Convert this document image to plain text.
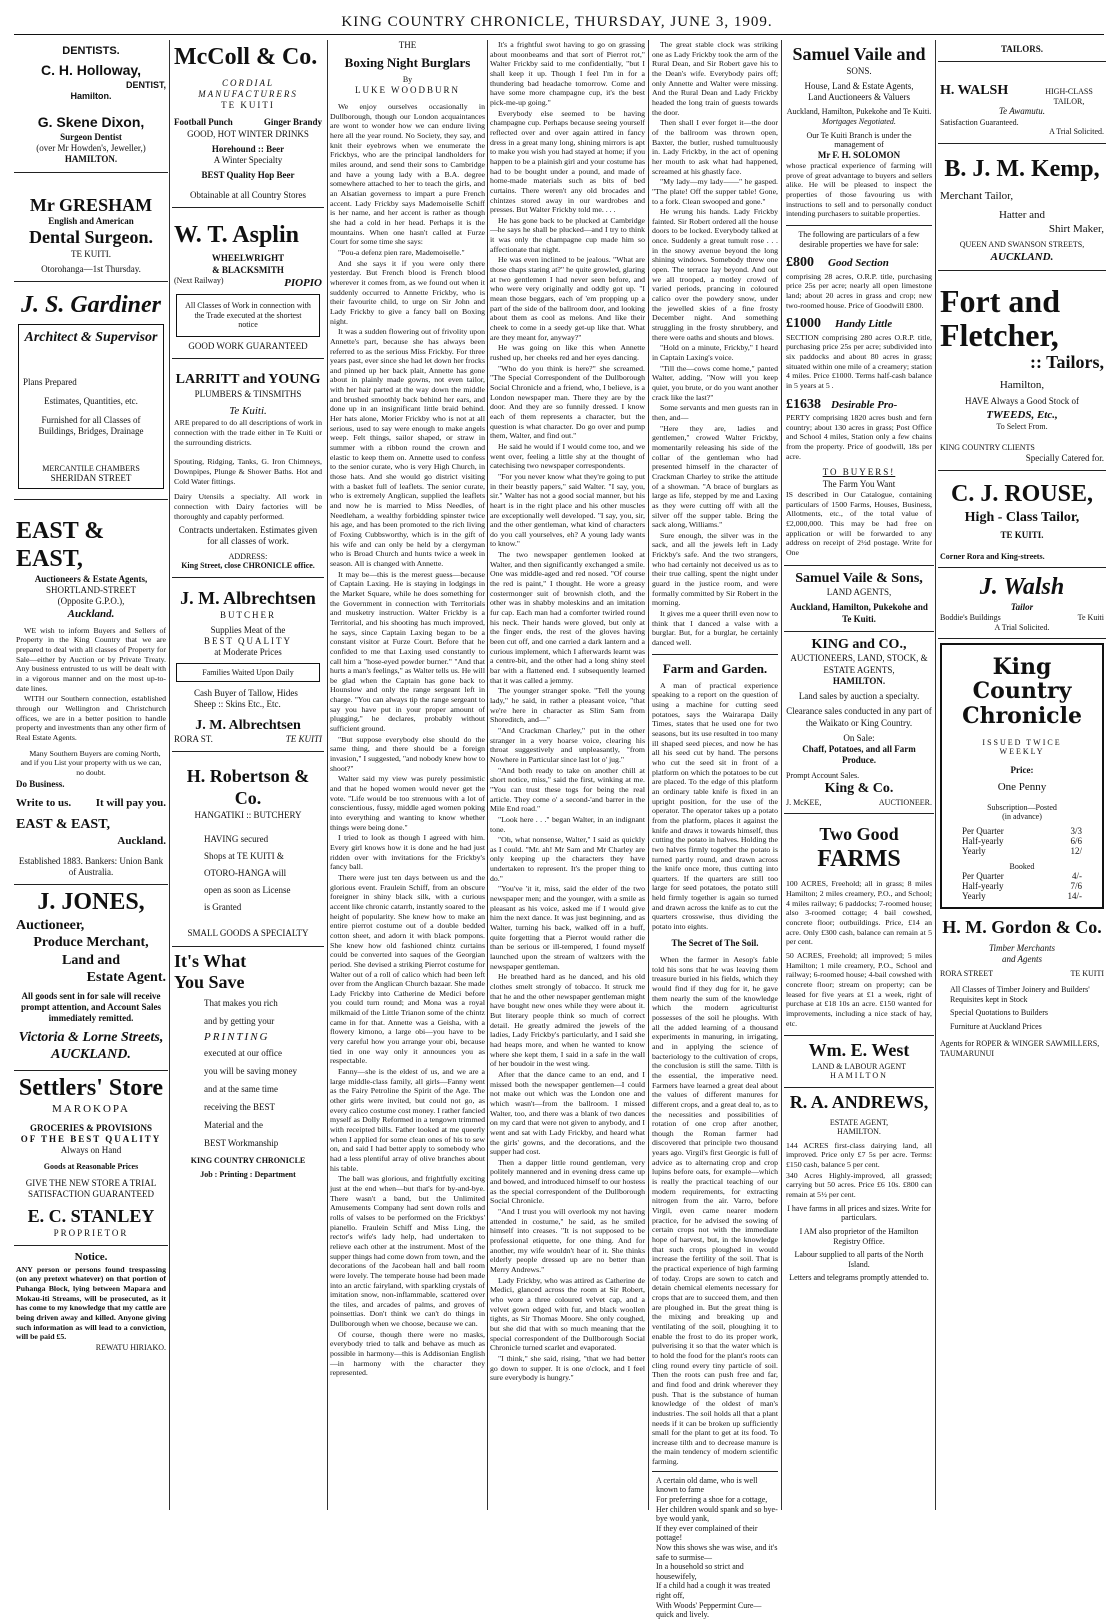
KING COUNTRY CHRONICLE, THURSDAY, JUNE 3, 1909.
DENTISTS.
C. H. Holloway,
DENTIST,
Hamilton.
G. Skene Dixon,
Surgeon Dentist
(over Mr Howden's, Jeweller,)
HAMILTON.
Mr GRESHAM
English and American
Dental Surgeon.
TE KUITI.
Otorohanga—1st Thursday.
J. S. Gardiner
Architect & Supervisor
Plans Prepared
Estimates, Quantities, etc.
Furnished for all Classes of Buildings, Bridges, Drainage
MERCANTILE CHAMBERS
SHERIDAN STREET
EAST & EAST,
Auctioneers & Estate Agents,
SHORTLAND-STREET
(Opposite G.P.O.),
Auckland.

WE wish to inform Buyers and Sellers of Property in the King Country that we are prepared to deal with all classes of Property for Sale—either by Auction or by Private Treaty. Any business entrusted to us will be dealt with in a vigorous manner and on the most up-to-date lines.

WITH our Southern connection, established through our Wellington and Christchurch offices, we are in a better position to handle property and investments than any other firm of Real Estate Agents.

Many Southern Buyers are coming North, and if you List your property with us we can, no doubt.

Do Business.
Write to us. It will pay you.
EAST & EAST,
Auckland.
Established 1883. Bankers: Union Bank of Australia.
J. JONES,
Auctioneer,
Produce Merchant,
Land and
Estate Agent.
All goods sent in for sale will receive prompt attention, and Account Sales immediately remitted.
Victoria & Lorne Streets,
AUCKLAND.
Settlers' Store
MAROKOPA
GROCERIES & PROVISIONS
OF THE BEST QUALITY
Always on Hand
Goods at Reasonable Prices
GIVE THE NEW STORE A TRIAL
SATISFACTION GUARANTEED
E. C. STANLEY
PROPRIETOR
Notice.

ANY person or persons found trespassing (on any pretext whatever) on that portion of Puhanga Block, lying between Mapara and Mokau-iti Streams, will be prosecuted, as it has come to my knowledge that my cattle are being driven away and killed. Anyone giving such information as will lead to a conviction, will be paid £5.

REWATU HIRIAKO.
McColl & Co.
CORDIAL
MANUFACTURERS
TE KUITI
Football Punch	Ginger Brandy
GOOD, HOT WINTER DRINKS
Horehound :: Beer
A Winter Specialty
BEST Quality Hop Beer
Obtainable at all Country Stores
W. T. Asplin
WHEELWRIGHT
& BLACKSMITH
(Next Railway)	PIOPIO
All Classes of Work in connection with the Trade executed at the shortest notice
GOOD WORK GUARANTEED
LARRITT and YOUNG
PLUMBERS & TINSMITHS
Te Kuiti.

ARE prepared to do all descriptions of work in connection with the trade either in Te Kuiti or the surrounding districts.

Spouting, Ridging, Tanks, G. Iron Chimneys, Downpipes, Plunge & Shower Baths. Hot and Cold Water fittings.

Dairy Utensils a specialty. All work in connection with Dairy factories will be thoroughly and capably performed.

Contracts undertaken. Estimates given for all classes of work.
ADDRESS:
King Street, close CHRONICLE office.
J. M. Albrechtsen
BUTCHER
Supplies Meat of the
BEST QUALITY
at Moderate Prices
Families Waited Upon Daily
Cash Buyer of Tallow, Hides Sheep :: Skins Etc., Etc.
J. M. Albrechtsen
RORA ST.	TE KUITI
H. Robertson & Co.
HANGATIKI :: BUTCHERY
HAVING secured Shops at TE KUITI & OTORO-HANGA will open as soon as License is Granted
SMALL GOODS A SPECIALTY
It's What
You Save
That makes you rich
and by getting your
PRINTING
executed at our office
you will be saving money
and at the same time
receiving the BEST
Material and the
BEST Workmanship
KING COUNTRY CHRONICLE
Job : Printing : Department
THE
Boxing Night Burglars
By
LUKE WOODBURN

We enjoy ourselves occasionally in Dullborough, though our London acquaintances are wont to wonder how we can endure living here all the year round. No Society, they say, and knit their eyebrows when we enumerate the Frickbys, who are the principal landholders for miles around, and send their sons to Cambridge and have a young lady with a B.A. degree somewhere attached to her to teach the girls, and an Alsatian governess to impart a pure French accent. Lady Frickby says Mademoiselle Schiff is her name, and her accent is rather as though she had a cold in her head. Perhaps it is the mountains. When one hasn't called at Furze Court for some time she says:

"Pou-a defenz pien rare, Mademoiselle."

And she says it if you were only there yesterday. But French blood is French blood wherever it comes from, as we found out when it suddenly occurred to Annette Frickby, who is their favourite child, to urge on Sir John and Lady Frickby to give a fancy ball on Boxing night.

It was a sudden flowering out of frivolity upon Annette's part, because she has always been referred to as the serious Miss Frickby. For three years past, ever since she had let down her frocks and pinned up her back plait, Annette has gone about in plainly made gowns, not even tailor, with her hair parted at the way down the middle and brushed smoothly back behind her ears, and done up in an insignificant little braid behind. Her hats alone, Morier Frickby who is not at all serious, used to say were enough to make angels weep. Felt things, sailor shaped, or straw in summer with a ribbon round the crown and elastic to keep them on. Annette used to confess to the senior curate, who is very High Church, in those hats. And she would go district visiting with a basket full of leaflets. The senior curate, who is extremely Anglican, supplied the leaflets and now he is married to Miss Needles, of Needleham, a wealthy forbidding spinster twice his age, and has been promoted to the rich living of Foxing Cubbsworthy, which is in the gift of his wife and can only be held by a clergyman who is Broad Church and hunts twice a week in season. All is changed with Annette.

It may be—this is the merest guess—because of Captain Laxing. He is staying in lodgings in the Market Square, while he does something for the Government in connection with Territorials and musketry instruction. Walter Frickby is a Territorial, and his shooting has much improved, he says, since Captain Laxing began to be a constant visitor at Furze Court. Before that he confided to me that Laxing used constantly to call him a "hose-eyed powder burner." "And that hurts a man's feelings," as Walter tells us. He will be glad when the Captain has gone back to Hounslow and only the range sergeant left in charge. "You can always tip the range sergeant to say you have put in your proper amount of plugging," he declares, probably without sufficient ground.

"But suppose everybody else should do the same thing, and there should be a foreign invasion," I suggested, "and nobody knew how to shoot?"

Walter said my view was purely pessimistic and that he hoped women would never get the vote. "Life would be too strenuous with a lot of conscientious, fussy, middle aged women poking into everything and wanting to know whether things were being done."

I tried to look as though I agreed with him. Every girl knows how it is done and he had just ridden over with invitations for the Frickby's fancy ball.

There were just ten days between us and the glorious event. Fraulein Schiff, from an obscure foreigner in shiny black silk, with a curious accent like chronic catarrh, instantly soared to the height of popularity. She knew how to make an entire pierrot costume out of a double bedded cotton sheet, and adorn it with black pompons. She knew how old fashioned chintz curtains could be converted into saques of the Georgian period. She devised a striking Pierrot costume for Walter out of a roll of calico which had been left over from the Anglican Church bazaar. She made Lady Frickby into Catherine de Medici before you could turn round; and Mona was a royal milkmaid of the Little Trianon some of the chintz came in for that. Annette was a Geisha, with a flowery kimono, a large obi—you have to be very careful how you arrange your obi, because tied in one way only it announces you as respectable.

Fanny—she is the eldest of us, and we are a large middle-class family, all girls—Fanny went as the Fairy Petroline the Spirit of the Age. The other girls were invited, but could not go, as every calico costume cost money. I rather fancied myself as Dolly Reformed in a tengown trimmed with receipted bills. Father looked at me queerly when I applied for some clean ones of his to sew on, and said I had better apply to somebody who had a less plentiful array of olive branches about his table.

The ball was glorious, and frightfully exciting just at the end when—but that's for by-and-bye. There wasn't a band, but the Unlimited Amusements Company had sent down rolls and rolls of valses to be performed on the Frickbys' pianello. Fraulein Schiff and Miss Ling, the rector's wife's lady help, had undertaken to relieve each other at the instrument. Most of the supper things had come down from town, and the decorations of the Jacobean hall and ball room were lovely. The temperate house had been made into an arctic fairyland, with sparkling crystals of imitation snow, non-inflammable, scattered over the tiles, and arcades of palms, and groves of poinsettias. Don't think we can't do things in Dullborough when we choose, because we can.

Of course, though there were no masks, everybody tried to talk and behave as much as possible in harmony—this is Addisonian English—in harmony with the character they represented.

It's a frightful swot having to go on grassing about moonbeams and that sort of Pierrot rot," Walter Frickby said to me confidentially, "but I shall keep it up. Though I feel I'm in for a thundering bad headache tomorrow. Come and have some more champagne cup, it's the best pick-me-up going."

Everybody else seemed to be having champagne cup. Perhaps because seeing yourself reflected over and over again attired in fancy dress in a great many long, shining mirrors is apt to make you wish you had stayed at home; if you happen to be a plainish girl and your costume has had to be bought under a pound, and made of home-made materials such as bits of bed curtains. There weren't any old brocades and chintzes stored away in our wardrobes and presses. But Walter Frickby told me. . . .

He has gone back to be plucked at Cambridge—he says he shall be plucked—and I try to think it was only the champagne cup made him so affectionate that night.

He was even inclined to be jealous. "What are those chaps staring at?" he quite growled, glaring at two gentlemen I had never seen before, and who were very originally and oddly got up. "I mean those beggars, each of 'em propping up a part of the side of the ballroom door, and looking about them as cool as melons. And like their cheek to come in a seedy get-up like that. What are they meant for, anyway?"

He was going on like this when Annette rushed up, her cheeks red and her eyes dancing.

"Who do you think is here?" she screamed. "The Special Correspondent of the Dullborough Social Chronicle and a friend, who, I believe, is a London newspaper man. There they are by the door. And they are so funnily dressed. I know each of them represents a character, but the question is what character. Do go over and pump them, Walter, and find out."

He said he would if I would come too, and we went over, feeling a little shy at the thought of catechising two newspaper correspondents.

"For you never know what they're going to put in their beastly papers," said Walter. "I say, you, sir." Walter has not a good social manner, but his heart is in the right place and his other muscles are exceptionally well developed. "I say, you, sir, and the other gentleman, what kind of characters do you call yourselves, eh? A young lady wants to know."

The two newspaper gentlemen looked at Walter, and then significantly exchanged a smile. One was middle-aged and red nosed. "Of course the red is paint," I thought. He wore a greasy costermonger suit of brownish cloth, and the other was in shabby moleskins and an imitation fur cap. Each man had a comforter twirled round his neck. Their hands were gloved, but only at the finger ends, the rest of the gloves having been cut off, and one carried a dark lantern and a curious implement, which I afterwards learnt was a centre-bit, and the other had a long shiny steel bar with a flattened end. I subsequently learned that it was called a jemmy.

The younger stranger spoke. "Tell the young lady," he said, in rather a pleasant voice, "that we're here in character as Slim Sam from Shoreditch, and—"

"And Crackman Charley," put in the other stranger in a very hoarse voice, clearing his throat suggestively and unpleasantly, "from Nowhere in Particular since last lot o' jug."

"And both ready to take on another chill at short notice, miss," said the first, winking at me. "You can trust these togs for being the real article. They come o' a second-'and barrer in the Mile End road."

"Look here . . ." began Walter, in an indignant tone.

"Oh, what nonsense, Walter," I said as quickly as I could. "Mr. ah! Mr Sam and Mr Charley are only keeping up the characters they have undertaken to represent. It's the proper thing to do."

"You've 'it it, miss, said the elder of the two newspaper men; and the younger, with a smile as pleasant as his voice, asked me if I would give him the next dance. It was just beginning, and as Walter, turning his back, walked off in a huff, quite forgetting that a Pierrot would rather die than be serious or ill-tempered, I found myself launched upon the stream of waltzers with the newspaper gentleman.

He breathed hard as he danced, and his old clothes smelt strongly of tobacco. It struck me that he and the other newspaper gentleman might have bought new ones while they were about it. But literary people think so much of correct detail. He greatly admired the jewels of the ladies, Lady Frickby's particularly, and I said she had heaps more, and when he wanted to know where she kept them, I said in a safe in the wall of her boudoir in the west wing.

After that the dance came to an end, and I missed both the newspaper gentlemen—I could not make out which was the London one and which wasn't—from the ballroom. I missed Walter, too, and there was a blank of two dances on my card that were not given to anybody, and I went and sat with Lady Frickby, and heard what the girls' gowns, and the decorations, and the supper had cost.

Then a dapper little round gentleman, very politely mannered and in evening dress came up and bowed, and introduced himself to our hostess as the special correspondent of the Dullborough Social Chronicle.

"And I trust you will overlook my not having attended in costume," he said, as he smiled himself into creases. "It is not supposed to be professional etiquette, for one thing. And for another, my wife wouldn't hear of it. She thinks elderly people dressed up are no better than Merry Andrews."

Lady Frickby, who was attired as Catherine de Medici, glanced across the room at Sir Robert, who wore a three coloured velvet cap, and a velvet gown edged with fur, and black woollen tights, as Sir Thomas Moore. She only coughed, but she did that with so much meaning that the special correspondent of the Dullborough Social Chronicle turned scarlet and evaporated.

"I think," she said, rising, "that we had better go down to supper. It is one o'clock, and I feel sure everybody is hungry."

The great stable clock was striking one as Lady Frickby took the arm of the Rural Dean, and Sir Robert gave his to the Dean's wife. Everybody pairs off; only Annette and Walter were missing. And the Rural Dean and Lady Frickby headed the long train of guests towards the door.

Then shall I ever forget it—the door of the ballroom was thrown open, Baxter, the butler, rushed tumultuously in. Lady Frickby, in the act of opening her mouth to ask what had happened, screamed at his ghastly face.

"My lady—my lady——" he gasped. "The plate! Off the supper table! Gone, to a fork. Clean swooped and gone."

He wrung his hands. Lady Frickby fainted. Sir Robert ordered all the house doors to be locked. Everybody talked at once. Suddenly a great tumult rose . . . in the snowy avenue beyond the long shining windows. Somebody threw one open. The terrace lay beyond. And out we all trooped, a motley crowd of varied periods, prancing in coloured calico over the powdery snow, under the jewelled skies of a fine frosty December night. And something struggling in the frosty shrubbery, and there were oaths and shouts and blows.

"Hold on a minute, Frickby," I heard in Captain Laxing's voice.

"Till the—cows come home," panted Walter, adding, "Now will you keep quiet, you brute, or do you want another crack like the last?"

Some servants and men guests ran in then, and—

"Here they are, ladies and gentlemen," crowed Walter Frickby, momentarily releasing his side of the collar of the gentleman who had presented himself in the character of Crackman Charley to strike the attitude of a showman. "A brace of burglars as large as life, stepped by me and Laxing as they were cutting off with all the silver off the supper table. Bring the sack along, Williams."

Sure enough, the silver was in the sack, and all the jewels left in Lady Frickby's safe. And the two strangers, who had certainly not deceived us as to their true calling, spent the night under guard in the justice room, and were formally committed by Sir Robert in the morning.

It gives me a queer thrill even now to think that I danced a valse with a burglar. But, for a burglar, he certainly danced well.

Farm and Garden.

A man of practical experience speaking to a report on the question of using a machine for cutting seed potatoes, says the Wairarapa Daily Times, states that he used one for two seasons, but its use resulted in too many ill shaped seed pieces, and now he has all his seed cut by hand. The persons who cut the seed sit in front of a platform on which the potatoes to be cut are placed. To the edge of this platform an ordinary table knife is fixed in an upright position, for the use of the operator. The operator takes up a potato from the platform, places it against the knife and draws it towards himself, thus cutting the potato in halves. Holding the two halves firmly together the potato is turned partly round, and drawn across the knife once more, thus cutting into quarters. If the quarters are still too large for seed potatoes, the potato still held firmly together is again so turned and drawn across the knife as to cut the quarters crosswise, thus dividing the potato into eights.

The Secret of The Soil.

When the farmer in Aesop's fable told his sons that he was leaving them treasure buried in his fields, which they would find if they dug for it, he gave them nearly the sum of the knowledge which the modern agriculturist possesses of the soil he ploughs. With all the added learning of a thousand experiments in manuring, in irrigating, and in applying the science of bacteriology to the cultivation of crops, the conclusion is still the same. Tilth is the essential, the imperative need. Farmers have learned a great deal about the values of different manures for different crops, and a great deal to, as to the necessities and possibilities of rotation of one crop after another, though the Roman farmer had discovered that principle two thousand years ago. Virgil's first Georgic is full of advice as to alternating crop and crop lupins before oats, for example—which is really the practical teaching of our modern requirements, for extracting nitrogen from the air. Varro, before Virgil, even came nearer modern practice, for he advised the sowing of certain crops not with the immediate hope of harvest, but, in the knowledge that such crops ploughed in would increase the fertility of the soil. That is the practical experience of high farming of today. Crops are sown to catch and detain chemical elements necessary for crops that are to succeed them, and then are ploughed in. But the great thing is the mixing and breaking up and ventilating of the soil, ploughing it to enable the frost to do its proper work, pulverising it so that the water which is to hold the food for the plant's roots can cling round every tiny particle of soil. Then the roots can push free and far, and find food and drink wherever they push. That is the substance of human knowledge of the oldest of man's industries. The soil holds all that a plant needs if it can be broken up sufficiently small for the plant to get at its food. To increase tilth and to decrease manure is the main tendency of modern scientific farming.

A certain old dame, who is well known to fame
For preferring a shoe for a cottage,
Her children would spank and so bye-bye would yank,
If they ever complained of their pottage!
Now this shows she was wise, and it's safe to surmise—
In a household so strict and housewifely,
If a child had a cough it was treated right off,
With Woods' Peppermint Cure—quick and lively.
Samuel Vaile and
SONS.
House, Land & Estate Agents,
Land Auctioneers & Valuers
Auckland, Hamilton, Pukekohe and Te Kuiti.
Mortgages Negotiated.
Our Te Kuiti Branch is under the management of
Mr F. H. SOLOMON

whose practical experience of farming will prove of great advantage to buyers and sellers alike. He will be pleased to inspect the properties of those favouring us with instructions to sell and to personally conduct intending purchasers to suitable properties.

The following are particulars of a few desirable properties we have for sale:
£800 Good Section

comprising 28 acres, O.R.P. title, purchasing price 25s per acre; nearly all open limestone land; about 20 acres in grass and crop; new two-roomed house. Price of Goodwill £800.

£1000 Handy Little

SECTION comprising 280 acres O.R.P. title, purchasing price 25s per acre; subdivided into six paddocks and about 80 acres in grass; situated within one mile of a creamery; station 4 miles. Price £1000. Terms half-cash balance in 5 years at 5 .

£1638 Desirable Pro-

PERTY comprising 1820 acres bush and fern country; about 130 acres in grass; Post Office and School 4 miles, Station only a few chains from the property. Price of goodwill, 18s per acre.

TO BUYERS!
The Farm You Want

IS described in Our Catalogue, containing particulars of 1500 Farms, Houses, Business, Allotments, etc., of the total value of £2,000,000. This may be had free on application or will be forwarded to any address on receipt of 2½d postage. Write for One

Samuel Vaile & Sons,
LAND AGENTS,
Auckland, Hamilton, Pukekohe and Te Kuiti.
KING and CO.,
AUCTIONEERS, LAND, STOCK, & ESTATE AGENTS,
HAMILTON.
Land sales by auction a specialty.
Clearance sales conducted in any part of the Waikato or King Country.
On Sale:
Chaff, Potatoes, and all Farm Produce.
Prompt Account Sales.
King & Co.
J. McKEE,	AUCTIONEER.
Two Good
FARMS

100 ACRES, Freehold; all in grass; 8 miles Hamilton; 2 miles creamery, P.O., and School; 4 miles railway; 6 paddocks; 7-roomed house; also 3-roomed cottage; 4 bail cowshed, concrete floor; outbuildings. Price, £14 an acre. Only £300 cash, balance can remain at 5 per cent.

50 ACRES, Freehold; all improved; 5 miles Hamilton; 1 mile creamery, P.O., School and railway; 6-roomed house; 4-bail cowshed with concrete floor; stream on property; can be leased for five years at £1 a week, right of purchase at £18 10s an acre. £150 wanted for improvements, including a nice stack of hay, etc.

Wm. E. West
LAND & LABOUR AGENT
HAMILTON
R. A. ANDREWS,
ESTATE AGENT,
HAMILTON.

144 ACRES first-class dairying land, all improved. Price only £7 5s per acre. Terms: £150 cash, balance 5 per cent.

340 Acres Highly-improved, all grassed; carrying but 50 acres. Price £6 10s. £800 can remain at 5½ per cent.

I have farms in all prices and sizes. Write for particulars.
I AM also proprietor of the Hamilton Registry Office.
Labour supplied to all parts of the North Island.
Letters and telegrams promptly attended to.
TAILORS.
H. WALSH	HIGH-CLASS TAILOR,
Te Awamutu.
Satisfaction Guaranteed.
A Trial Solicited.
B. J. M. Kemp,
Merchant Tailor,
Hatter and
Shirt Maker,
QUEEN AND SWANSON STREETS,
AUCKLAND.
Fort and
Fletcher,
:: Tailors,
Hamilton,
HAVE Always a Good Stock of
TWEEDS, Etc.,
To Select From.
KING COUNTRY CLIENTS
Specially Catered for.
C. J. ROUSE,
High - Class Tailor,
TE KUITI.
Corner Rora and King-streets.
J. Walsh
Tailor
Boddie's Buildings	Te Kuiti
A Trial Solicited.
King
Country
Chronicle
ISSUED TWICE WEEKLY
Price:
One Penny
Subscription—Posted
(in advance)
Per Quarter	3/3
Half-yearly	6/6
Yearly	12/
Booked
Per Quarter	4/-
Half-yearly	7/6
Yearly	14/-
H. M. Gordon & Co.
Timber Merchants
and Agents
RORA STREET	TE KUITI
All Classes of Timber Joinery and Builders' Requisites kept in Stock
Special Quotations to Builders
Furniture at Auckland Prices
Agents for ROPER & WINGER SAWMILLERS, TAUMARUNUI
